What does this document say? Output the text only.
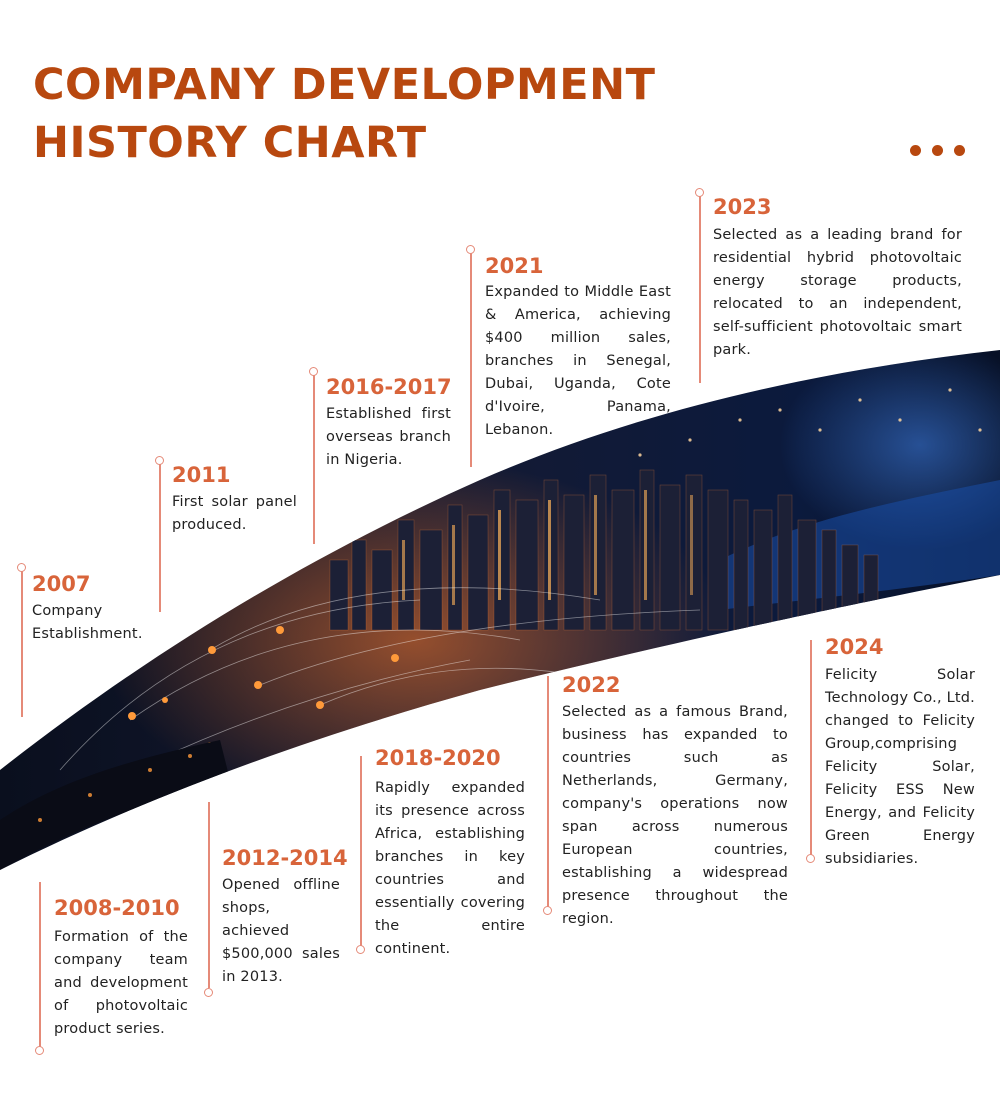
COMPANY DEVELOPMENT
HISTORY CHART
2007
Company Establishment.
2008-2010
Formation of the company team and development of photovoltaic product series.
2011
First solar panel produced.
2012-2014
Opened offline shops, achieved $500,000 sales in 2013.
2016-2017
Established first overseas branch in Nigeria.
2018-2020
Rapidly expanded its presence across Africa, establishing branches in key countries and essentially covering the entire continent.
2021
Expanded to Middle East & America, achieving $400 million sales, branches in Senegal, Dubai, Uganda, Cote d'Ivoire, Panama, Lebanon.
2022
Selected as a famous Brand, business has expanded to countries such as Netherlands, Germany, company's operations now span across numerous European countries, establishing a widespread presence throughout the region.
2023
Selected as a leading brand for residential hybrid photovoltaic energy storage products, relocated to an independent, self-sufficient photovoltaic smart park.
2024
Felicity Solar Technology Co., Ltd. changed to Felicity Group,comprising Felicity Solar, Felicity ESS New Energy, and Felicity Green Energy subsidiaries.
